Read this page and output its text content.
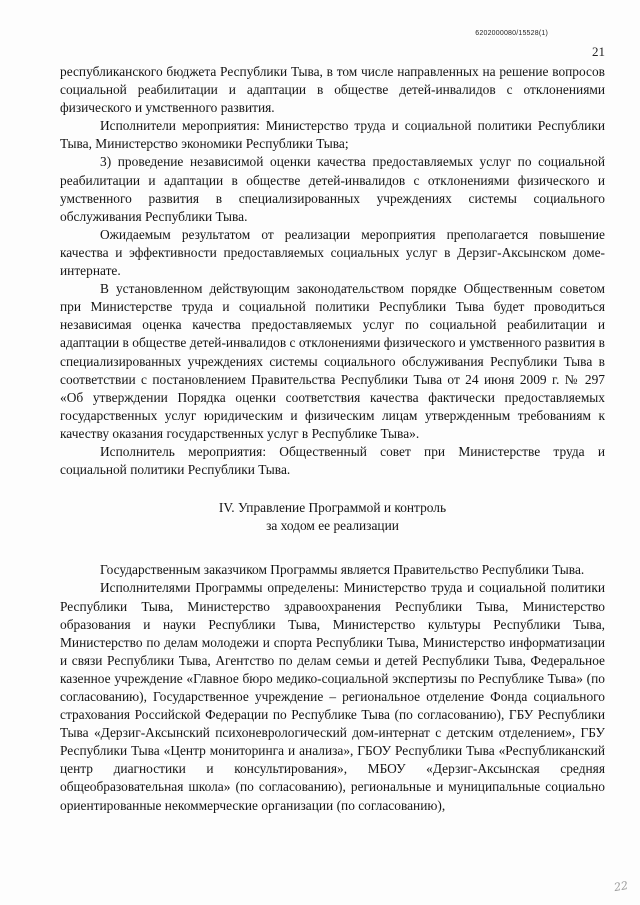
6202000080/15528(1)
21

республиканского бюджета Республики Тыва, в том числе направленных на решение вопросов социальной реабилитации и адаптации в обществе детей-инвалидов с отклонениями физического и умственного развития.

Исполнители мероприятия: Министерство труда и социальной политики Республики Тыва, Министерство экономики Республики Тыва;

3) проведение независимой оценки качества предоставляемых услуг по социальной реабилитации и адаптации в обществе детей-инвалидов с отклонениями физического и умственного развития в специализированных учреждениях системы социального обслуживания Республики Тыва.

Ожидаемым результатом от реализации мероприятия преполагается повышение качества и эффективности предоставляемых социальных услуг в Дерзиг-Аксынском доме-интернате.

В установленном действующим законодательством порядке Общественным советом при Министерстве труда и социальной политики Республики Тыва будет проводиться независимая оценка качества предоставляемых услуг по социальной реабилитации и адаптации в обществе детей-инвалидов с отклонениями физического и умственного развития в специализированных учреждениях системы социального обслуживания Республики Тыва в соответствии с постановлением Правительства Республики Тыва от 24 июня 2009 г. № 297 «Об утверждении Порядка оценки соответствия качества фактически предоставляемых государственных услуг юридическим и физическим лицам утвержденным требованиям к качеству оказания государственных услуг в Республике Тыва».

Исполнитель мероприятия: Общественный совет при Министерстве труда и социальной политики Республики Тыва.

IV. Управление Программой и контроль
за ходом ее реализации

Государственным заказчиком Программы является Правительство Республики Тыва.

Исполнителями Программы определены: Министерство труда и социальной политики Республики Тыва, Министерство здравоохранения Республики Тыва, Министерство образования и науки Республики Тыва, Министерство культуры Республики Тыва, Министерство по делам молодежи и спорта Республики Тыва, Министерство информатизации и связи Республики Тыва, Агентство по делам семьи и детей Республики Тыва, Федеральное казенное учреждение «Главное бюро медико-социальной экспертизы по Республике Тыва» (по согласованию), Государственное учреждение – региональное отделение Фонда социального страхования Российской Федерации по Республике Тыва (по согласованию), ГБУ Республики Тыва «Дерзиг-Аксынский психоневрологический дом-интернат с детским отделением», ГБУ Республики Тыва «Центр мониторинга и анализа», ГБОУ Республики Тыва «Республиканский центр диагностики и консультирования», МБОУ «Дерзиг-Аксынская средняя общеобразовательная школа» (по согласованию), региональные и муниципальные социально ориентированные некоммерческие организации (по согласованию),

22
